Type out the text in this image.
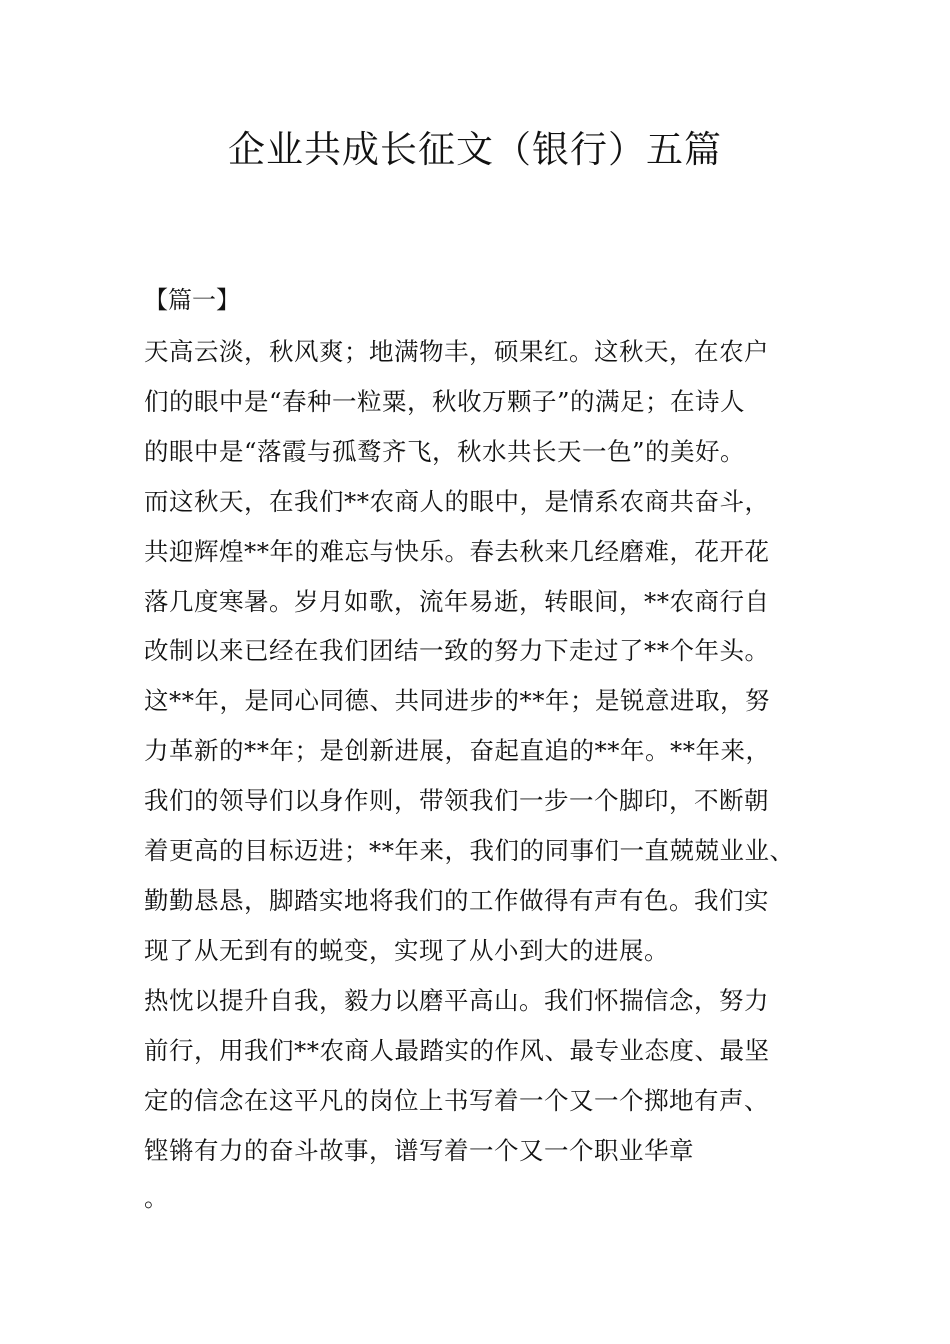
企业共成长征文（银行）五篇

【篇一】

天高云淡，秋风爽；地满物丰，硕果红。这秋天，在农户
们的眼中是“春种一粒粟，秋收万颗子”的满足；在诗人
的眼中是“落霞与孤鹜齐飞，秋水共长天一色”的美好。
而这秋天，在我们**农商人的眼中，是情系农商共奋斗，
共迎辉煌**年的难忘与快乐。春去秋来几经磨难，花开花
落几度寒暑。岁月如歌，流年易逝，转眼间，**农商行自
改制以来已经在我们团结一致的努力下走过了**个年头。
这**年，是同心同德、共同进步的**年；是锐意进取，努
力革新的**年；是创新进展，奋起直追的**年。**年来，
我们的领导们以身作则，带领我们一步一个脚印，不断朝
着更高的目标迈进；**年来，我们的同事们一直兢兢业业、
勤勤恳恳，脚踏实地将我们的工作做得有声有色。我们实
现了从无到有的蜕变，实现了从小到大的进展。
热忱以提升自我，毅力以磨平高山。我们怀揣信念，努力
前行，用我们**农商人最踏实的作风、最专业态度、最坚
定的信念在这平凡的岗位上书写着一个又一个掷地有声、
铿锵有力的奋斗故事，谱写着一个又一个职业华章
。
